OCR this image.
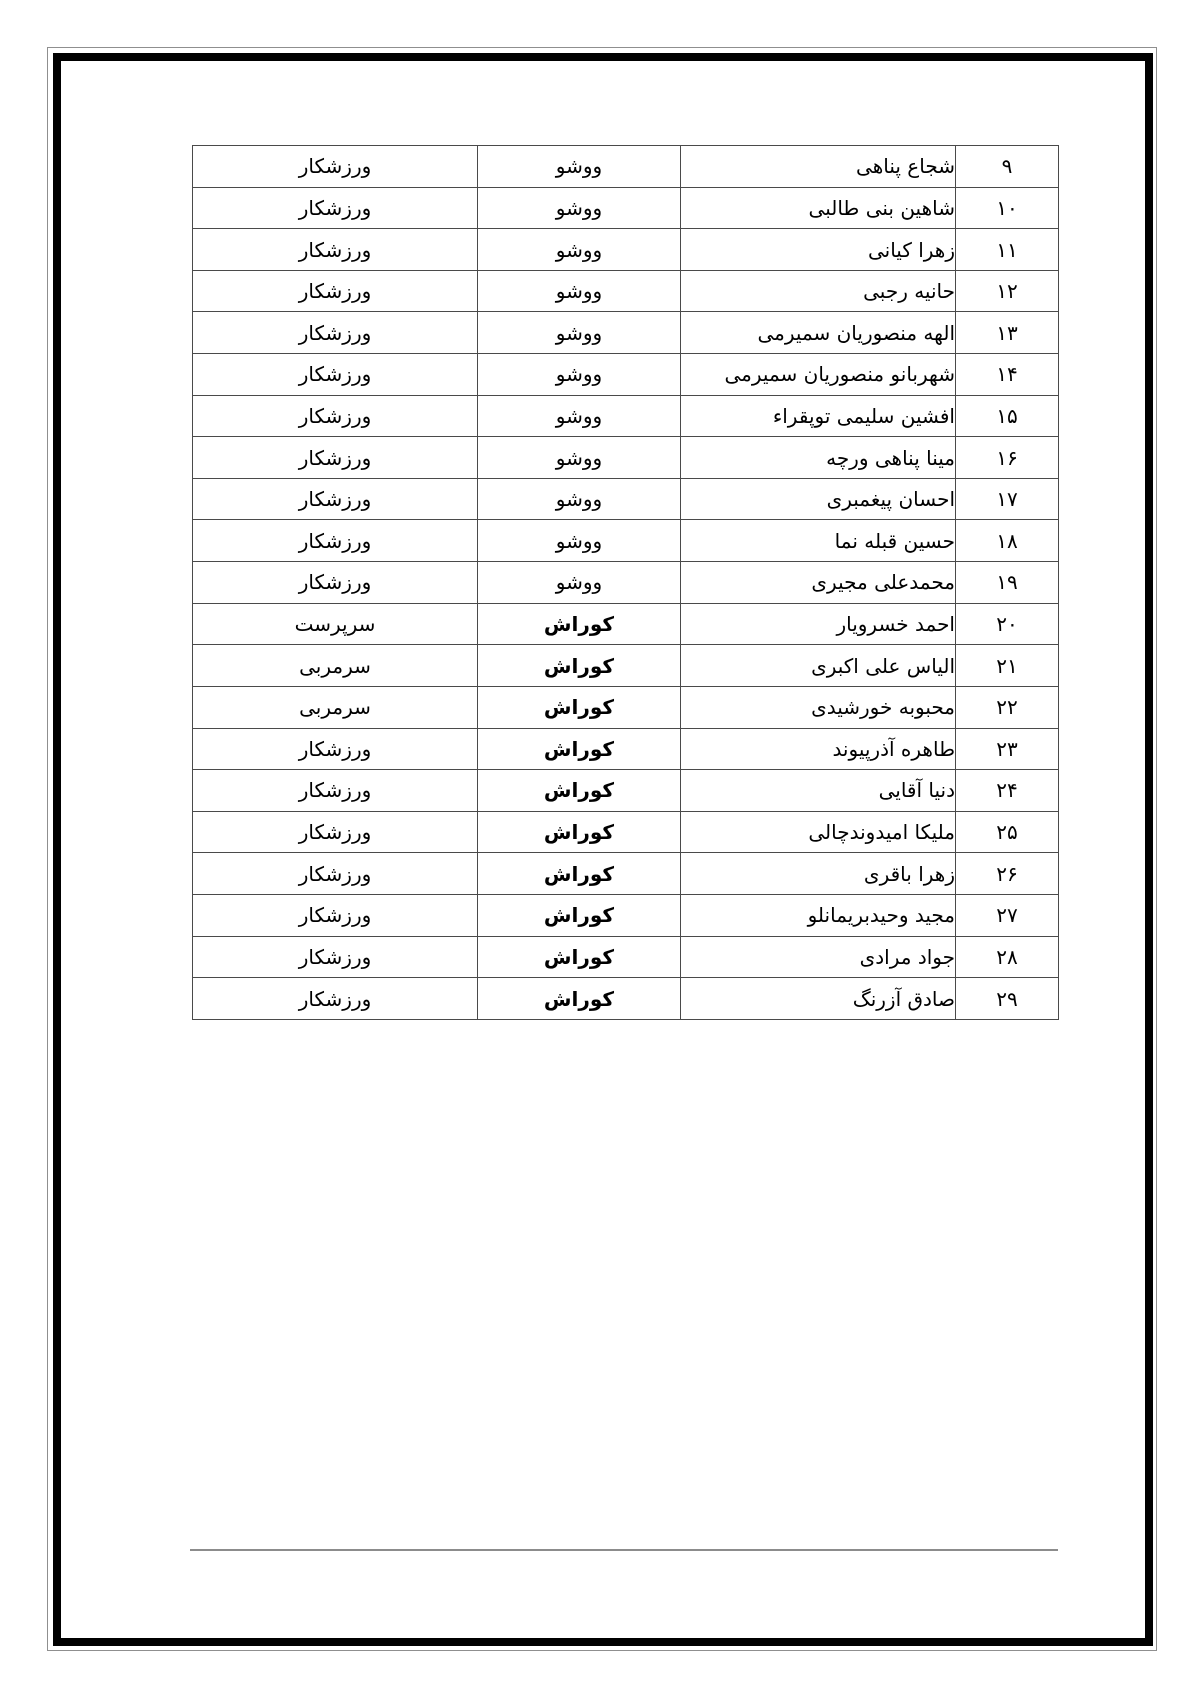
۹	شجاع پناهی	ووشو	ورزشکار
۱۰	شاهین بنی طالبی	ووشو	ورزشکار
۱۱	زهرا کیانی	ووشو	ورزشکار
۱۲	حانیه رجبی	ووشو	ورزشکار
۱۳	الهه منصوریان سمیرمی	ووشو	ورزشکار
۱۴	شهربانو منصوریان سمیرمی	ووشو	ورزشکار
۱۵	افشین سلیمی توپقراء	ووشو	ورزشکار
۱۶	مینا پناهی ورچه	ووشو	ورزشکار
۱۷	احسان پیغمبری	ووشو	ورزشکار
۱۸	حسین قبله نما	ووشو	ورزشکار
۱۹	محمدعلی مجیری	ووشو	ورزشکار
۲۰	احمد خسرویار	کوراش	سرپرست
۲۱	الیاس علی اکبری	کوراش	سرمربی
۲۲	محبوبه خورشیدی	کوراش	سرمربی
۲۳	طاهره آذرپیوند	کوراش	ورزشکار
۲۴	دنیا آقایی	کوراش	ورزشکار
۲۵	ملیکا امیدوندچالی	کوراش	ورزشکار
۲۶	زهرا باقری	کوراش	ورزشکار
۲۷	مجید وحیدبریمانلو	کوراش	ورزشکار
۲۸	جواد مرادی	کوراش	ورزشکار
۲۹	صادق آزرنگ	کوراش	ورزشکار
